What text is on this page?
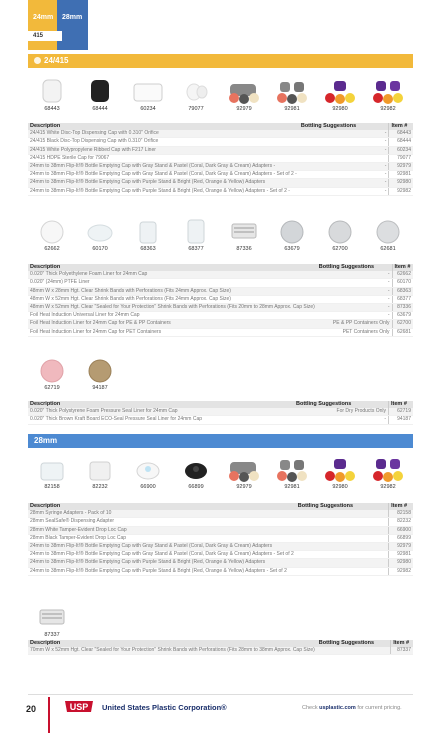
24mm
415
28mm
24/415
68443	68444	60234	79077	92979	92981	92980	92982
Description	Bottling Suggestions	Item #
24/415 White Disc-Top Dispensing Cap with 0.310" Orifice	-	68443
24/415 Black Disc-Top Dispensing Cap with 0.310" Orifice	-	68444
24/415 White Polypropylene Ribbed Cap with F217 Liner	-	60234
24/415 HDPE Sterile Cap for 79067		79077
24mm to 38mm Flip-It!® Bottle Emptying Cap with Gray Stand & Pastel (Coral, Dark Gray & Cream) Adapters -	-	92979
24mm to 38mm Flip-It!® Bottle Emptying Cap with Gray Stand & Pastel (Coral, Dark Gray & Cream) Adapters - Set of 2 -	-	92981
24mm to 38mm Flip-It!® Bottle Emptying Cap with Purple Stand & Bright (Red, Orange & Yellow) Adapters	-	92980
24mm to 38mm Flip-It!® Bottle Emptying Cap with Purple Stand & Bright (Red, Orange & Yellow) Adapters - Set of 2 -	-	92982
62662	60170	68363	68377	87336	63679	62700	62681
Description	Bottling Suggestions	Item #
0.020" Thick Polyethylene Foam Liner for 24mm Cap	-	62662
0.020" (24mm) PTFE Liner	-	60170
48mm W x 28mm Hgt. Clear Shrink Bands with Perforations (Fits 24mm Approx. Cap Size)	-	68363
48mm W x 52mm Hgt. Clear Shrink Bands with Perforations (Fits 24mm Approx. Cap Size)	-	68377
48mm W x 52mm Hgt. Clear "Sealed for Your Protection" Shrink Bands with Perforations (Fits 20mm to 28mm Approx. Cap Size)	-	87336
Foil Heat Induction Universal Liner for 24mm Cap	-	63679
Foil Heat Induction Liner for 24mm Cap for PE & PP Containers	PE & PP Containers Only	62700
Foil Heat Induction Liner for 24mm Cap for PET Containers	PET Containers Only	62681
62719	94187
Description	Bottling Suggestions	Item #
0.020" Thick Polystyrene Foam Pressure Seal Liner for 24mm Cap	For Dry Products Only	62719
0.020" Thick Brown Kraft Board ECO-Seal Pressure Seal Liner for 24mm Cap	-	94187
28mm
82158	82232	66900	66899	92979	92981	92980	92982
Description	Bottling Suggestions	Item #
28mm Syringe Adapters - Pack of 10		82158
28mm SealSafe® Dispensing Adapter		82232
28mm White Tamper-Evident Drop Loc Cap		66900
28mm Black Tamper-Evident Drop Loc Cap		66899
24mm to 38mm Flip-It!® Bottle Emptying Cap with Gray Stand & Pastel (Coral, Dark Gray & Cream) Adapters		92979
24mm to 38mm Flip-It!® Bottle Emptying Cap with Gray Stand & Pastel (Coral, Dark Gray & Cream) Adapters - Set of 2		92981
24mm to 38mm Flip-It!® Bottle Emptying Cap with Purple Stand & Bright (Red, Orange & Yellow) Adapters		92980
24mm to 38mm Flip-It!® Bottle Emptying Cap with Purple Stand & Bright (Red, Orange & Yellow) Adapters - Set of 2		92982
87337
Description	Bottling Suggestions	Item #
70mm W x 52mm Hgt. Clear "Sealed for Your Protection" Shrink Bands with Perforations (Fits 28mm to 38mm Approx. Cap Size)		87337
20	USP United States Plastic Corporation®	Check usplastic.com for current pricing.
